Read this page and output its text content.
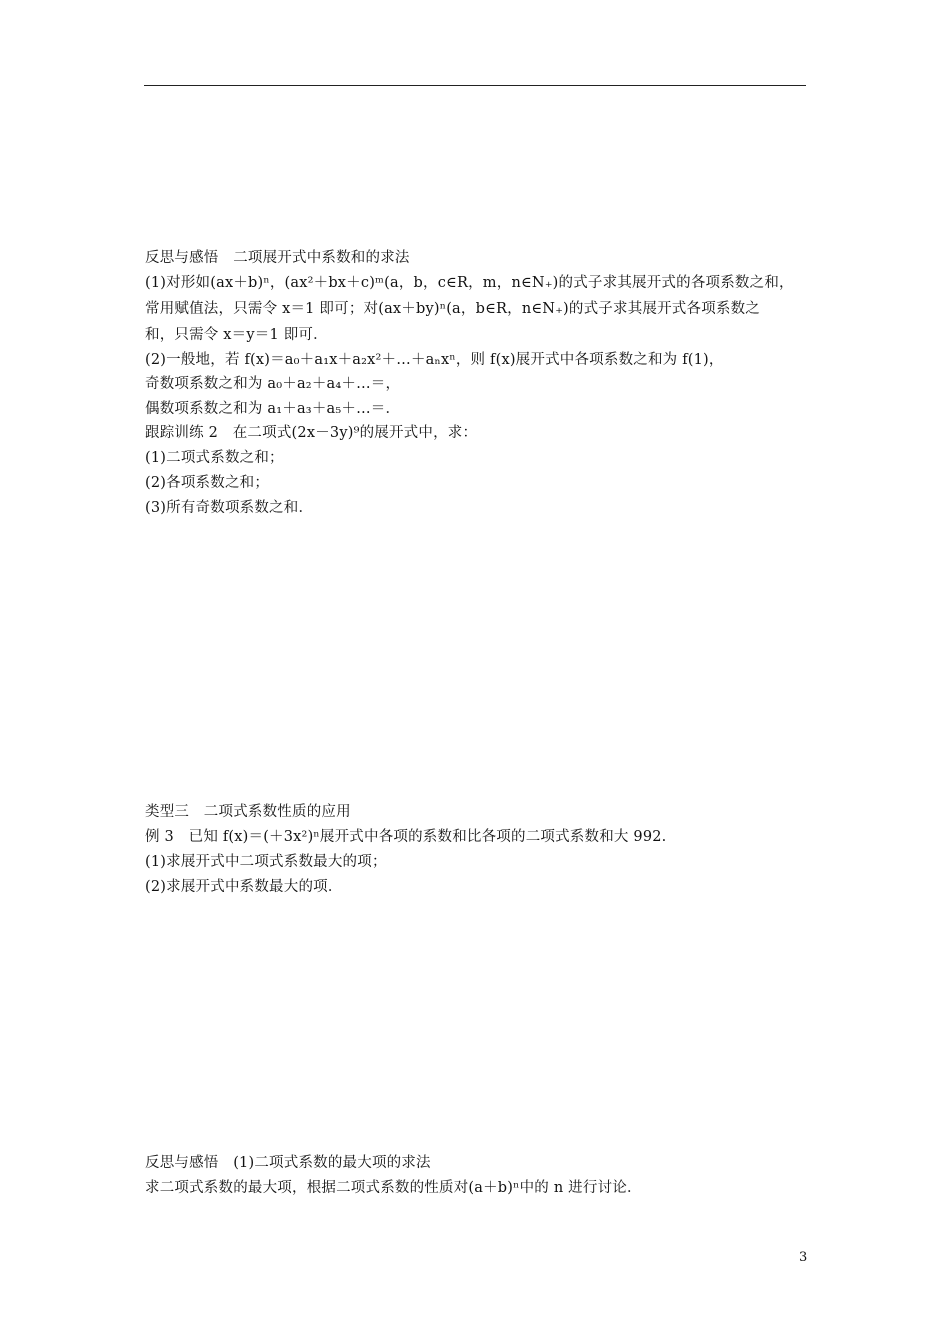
反思与感悟　二项展开式中系数和的求法
(1)对形如(ax＋b)ⁿ，(ax²＋bx＋c)ᵐ(a，b，c∈R，m，n∈N₊)的式子求其展开式的各项系数之和，
常用赋值法，只需令 x＝1 即可；对(ax＋by)ⁿ(a，b∈R，n∈N₊)的式子求其展开式各项系数之
和，只需令 x＝y＝1 即可．
(2)一般地，若 f(x)＝a₀＋a₁x＋a₂x²＋…＋aₙxⁿ，则 f(x)展开式中各项系数之和为 f(1)，
奇数项系数之和为 a₀＋a₂＋a₄＋…＝，
偶数项系数之和为 a₁＋a₃＋a₅＋…＝．
跟踪训练 2　在二项式(2x－3y)⁹的展开式中，求：
(1)二项式系数之和；
(2)各项系数之和；
(3)所有奇数项系数之和．
类型三　二项式系数性质的应用
例 3　已知 f(x)＝(＋3x²)ⁿ展开式中各项的系数和比各项的二项式系数和大 992.
(1)求展开式中二项式系数最大的项；
(2)求展开式中系数最大的项．
反思与感悟　(1)二项式系数的最大项的求法
求二项式系数的最大项，根据二项式系数的性质对(a＋b)ⁿ中的 n 进行讨论．
3
